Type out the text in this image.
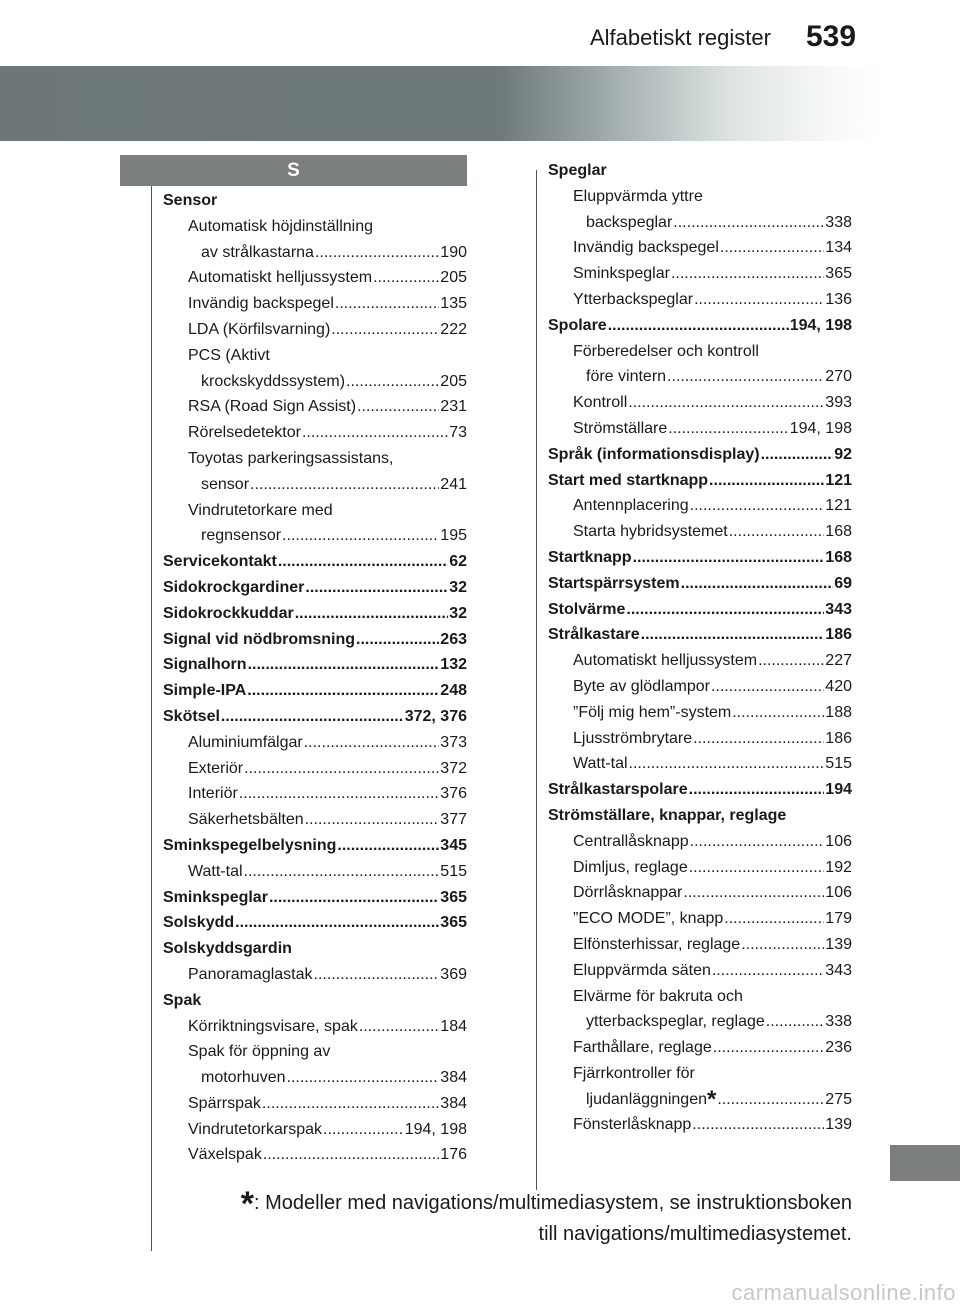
Alfabetiskt register 539
S
Sensor
Automatisk höjdinställning
av strålkastarna .....	190
Automatiskt helljussystem .....	205
Invändig backspegel .....	135
LDA (Körfilsvarning) .....	222
PCS (Aktivt
krockskyddssystem) .....	205
RSA (Road Sign Assist) .....	231
Rörelsedetektor .....	73
Toyotas parkeringsassistans,
sensor .....	241
Vindrutetorkare med
regnsensor .....	195
Servicekontakt .....	62
Sidokrockgardiner .....	32
Sidokrockkuddar .....	32
Signal vid nödbromsning .....	263
Signalhorn .....	132
Simple-IPA .....	248
Skötsel .....	372, 376
Aluminiumfälgar .....	373
Exteriör .....	372
Interiör .....	376
Säkerhetsbälten .....	377
Sminkspegelbelysning .....	345
Watt-tal .....	515
Sminkspeglar .....	365
Solskydd .....	365
Solskyddsgardin
Panoramaglastak .....	369
Spak
Körriktningsvisare, spak .....	184
Spak för öppning av
motorhuven .....	384
Spärrspak .....	384
Vindrutetorkarspak .....	194, 198
Växelspak .....	176
Speglar
Eluppvärmda yttre
backspeglar .....	338
Invändig backspegel .....	134
Sminkspeglar .....	365
Ytterbackspeglar .....	136
Spolare .....	194, 198
Förberedelser och kontroll
före vintern .....	270
Kontroll .....	393
Strömställare .....	194, 198
Språk (informationsdisplay) .....	92
Start med startknapp .....	121
Antennplacering .....	121
Starta hybridsystemet .....	168
Startknapp .....	168
Startspärrsystem .....	69
Stolvärme .....	343
Strålkastare .....	186
Automatiskt helljussystem .....	227
Byte av glödlampor .....	420
”Följ mig hem”-system .....	188
Ljusströmbrytare .....	186
Watt-tal .....	515
Strålkastarspolare .....	194
Strömställare, knappar, reglage
Centrallåsknapp .....	106
Dimljus, reglage .....	192
Dörrlåsknappar .....	106
”ECO MODE”, knapp .....	179
Elfönsterhissar, reglage .....	139
Eluppvärmda säten .....	343
Elvärme för bakruta och
ytterbackspeglar, reglage .....	338
Farthållare, reglage .....	236
Fjärrkontroller för
ljudanläggningen * .....	275
Fönsterlåsknapp .....	139
*: Modeller med navigations/multimediasystem, se instruktionsboken
till navigations/multimediasystemet.
carmanualsonline.info
